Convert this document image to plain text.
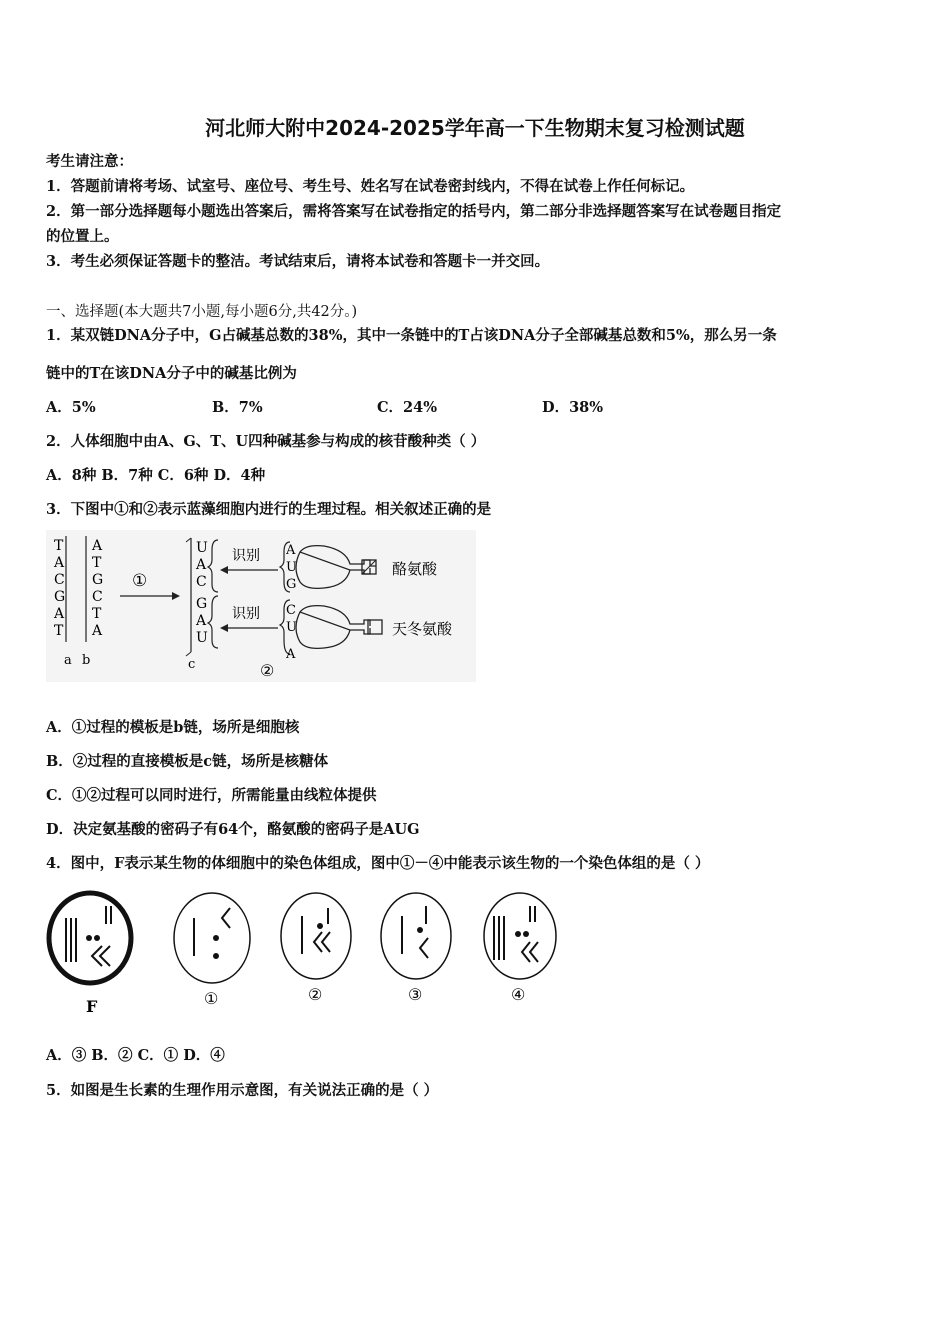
河北师大附中2024-2025学年高一下生物期末复习检测试题
考生请注意：
1．答题前请将考场、试室号、座位号、考生号、姓名写在试卷密封线内，不得在试卷上作任何标记。
2．第一部分选择题每小题选出答案后，需将答案写在试卷指定的括号内，第二部分非选择题答案写在试卷题目指定
的位置上。
3．考生必须保证答题卡的整洁。考试结束后，请将本试卷和答题卡一并交回。
一、选择题(本大题共7小题,每小题6分,共42分。)
1．某双链DNA分子中，G占碱基总数的38%，其中一条链中的T占该DNA分子全部碱基总数和5%，那么另一条
链中的T在该DNA分子中的碱基比例为
A．5%	B．7%	C．24%	D．38%
2．人体细胞中由A、G、T、U四种碱基参与构成的核苷酸种类（ ）
A．8种 B．7种 C．6种 D．4种
3．下图中①和②表示蓝藻细胞内进行的生理过程。相关叙述正确的是
T
A
C
G
A
T
A
T
G
C
T
A
a b
①
U
A
C
G
A
U
c
识别
识别
A
U
G
C
U
A
酪氨酸
天冬氨酸
②
A．①过程的模板是b链，场所是细胞核
B．②过程的直接模板是c链，场所是核糖体
C．①②过程可以同时进行，所需能量由线粒体提供
D．决定氨基酸的密码子有64个，酪氨酸的密码子是AUG
4．图中，F表示某生物的体细胞中的染色体组成，图中①－④中能表示该生物的一个染色体组的是（ ）
F	①	②	③	④
A．③ B．② C．① D．④
5．如图是生长素的生理作用示意图，有关说法正确的是（ ）
